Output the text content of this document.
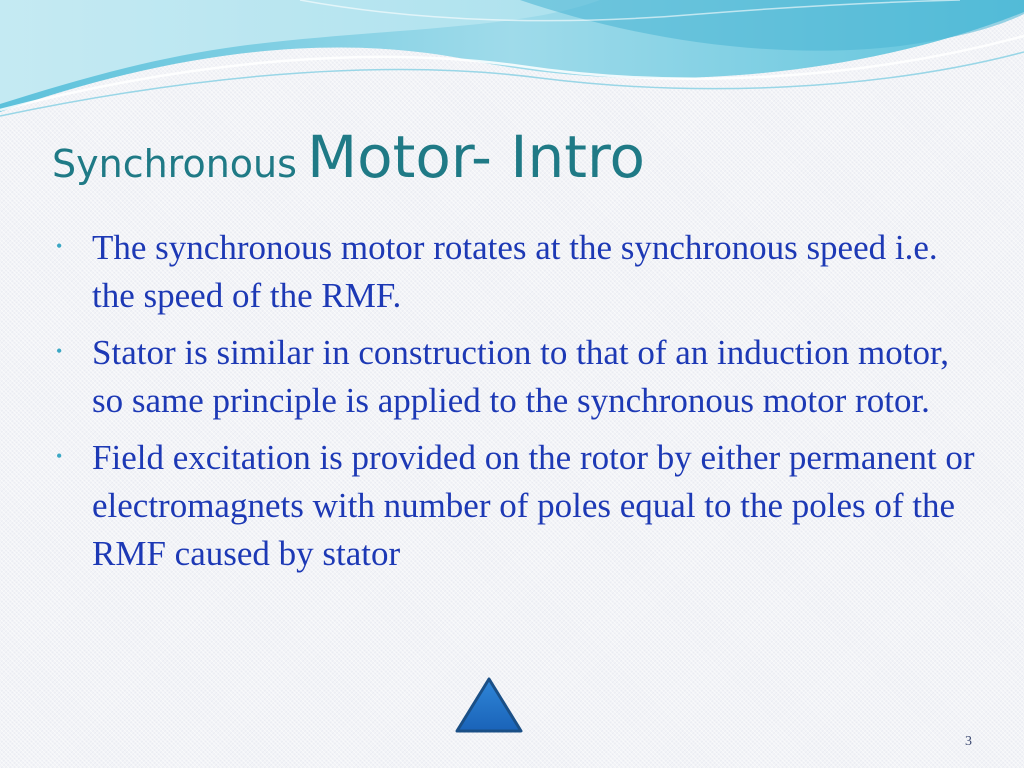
Synchronous Motor- Intro
• The synchronous motor rotates at the synchronous speed i.e. the speed of the RMF.
• Stator is similar in construction to that of an induction motor, so same principle is applied to the synchronous motor rotor.
• Field excitation is provided on the rotor by either permanent or electromagnets with number of poles equal to the poles of the RMF caused by stator
3
